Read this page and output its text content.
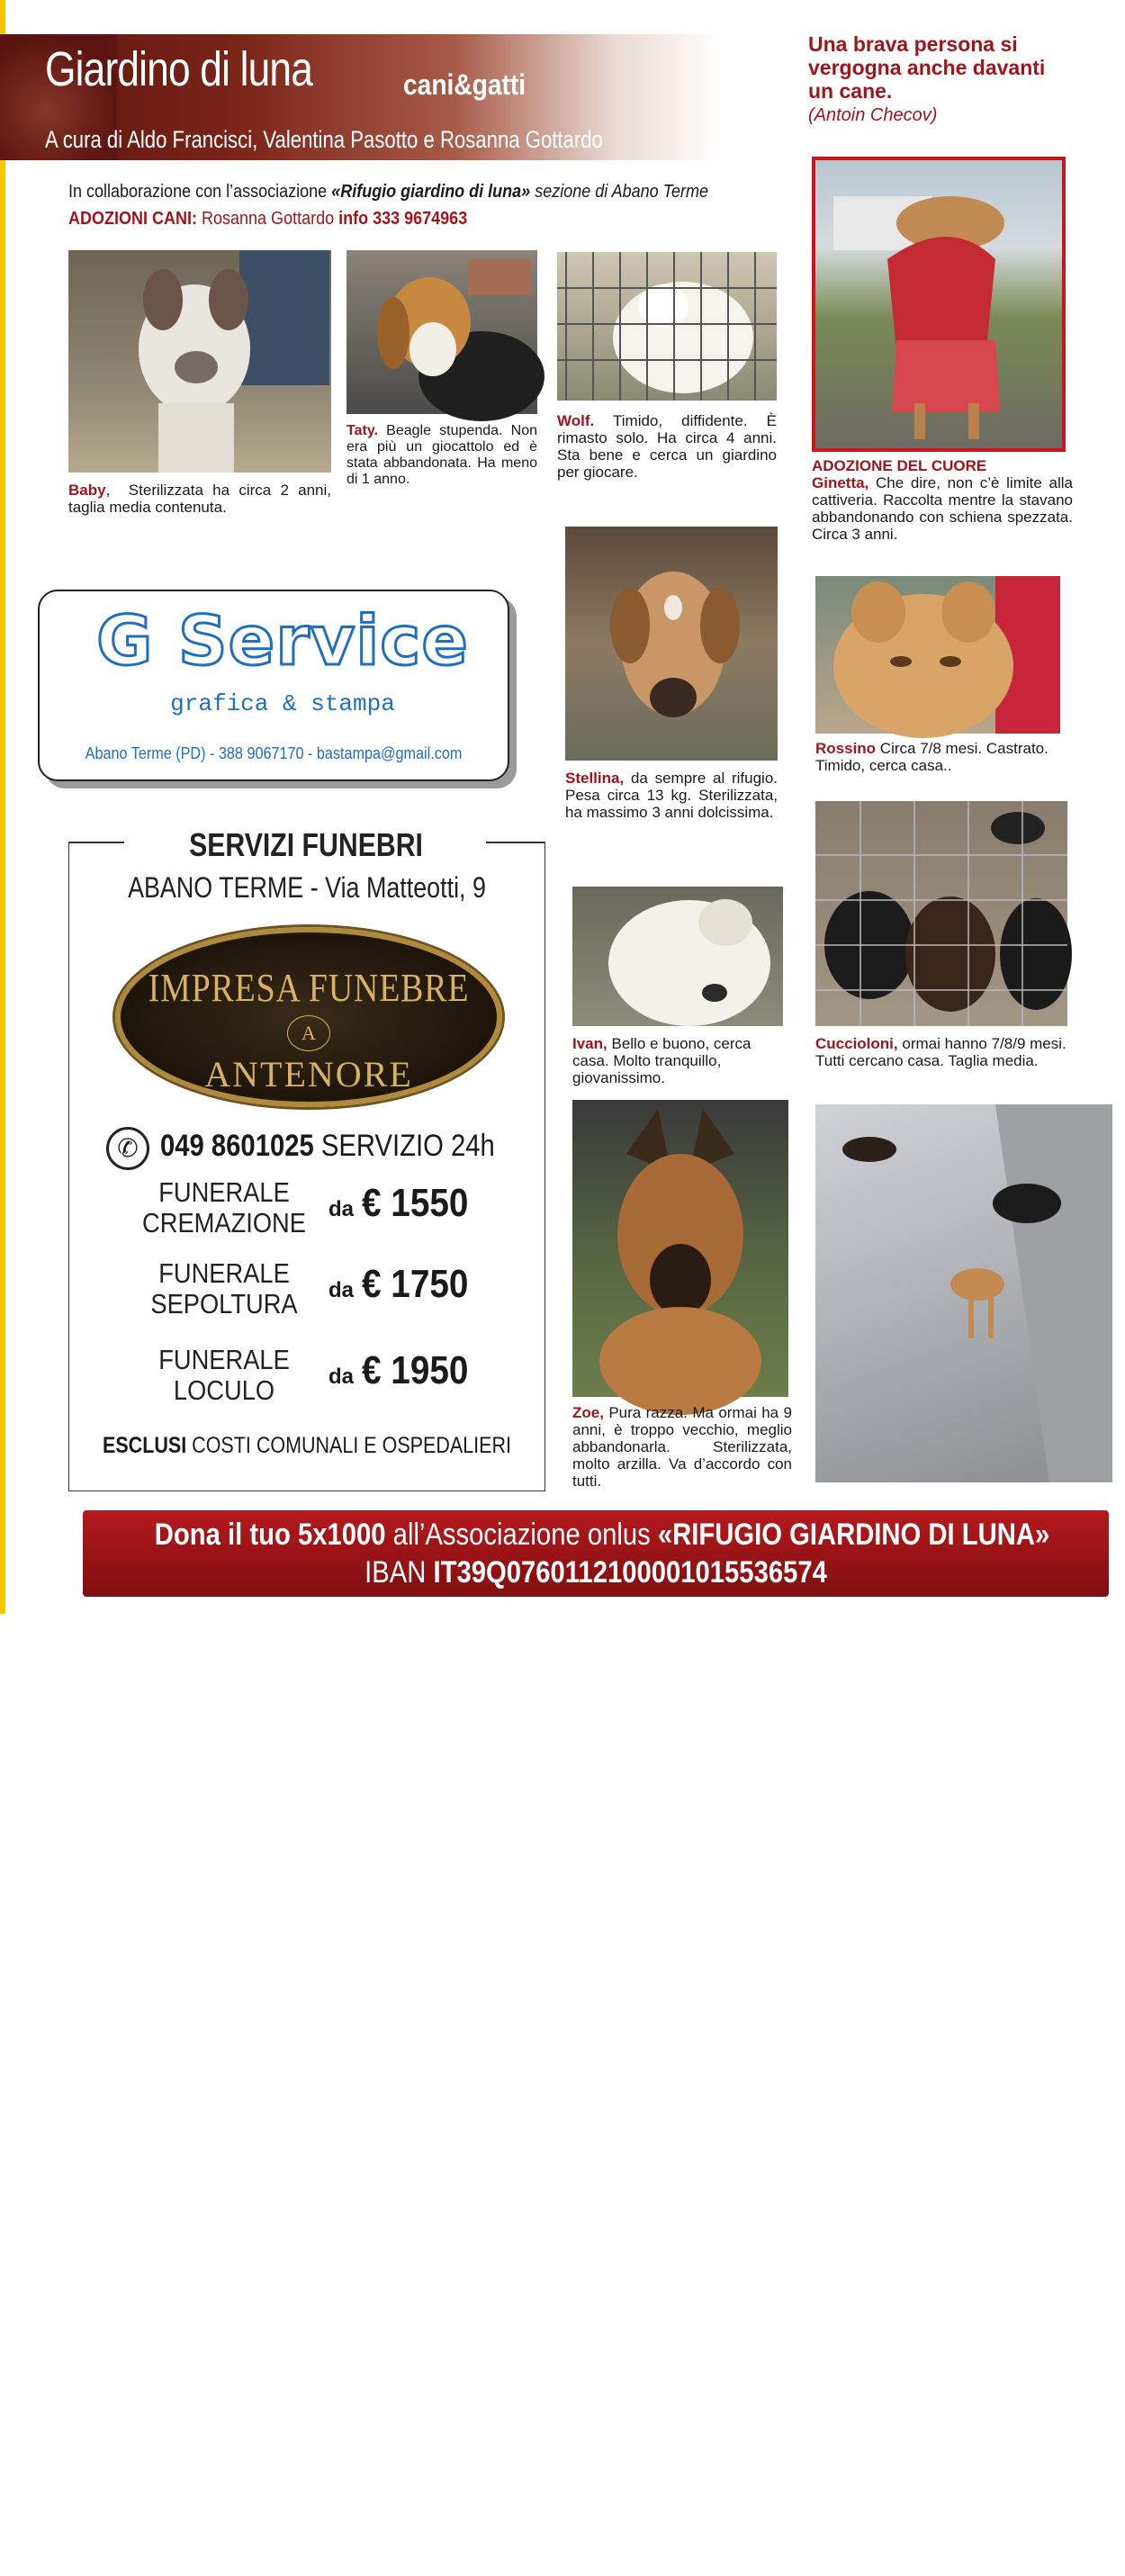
Giardino di luna	cani&gatti
A cura di Aldo Francisci, Valentina Pasotto e Rosanna Gottardo
Una brava persona si vergogna anche davanti un cane.
(Antoin Checov)
In collaborazione con l’associazione «Rifugio giardino di luna» sezione di Abano Terme
ADOZIONI CANI: Rosanna Gottardo info 333 9674963
Baby, Sterilizzata ha circa 2 anni, taglia media contenuta.
Taty. Beagle stupenda. Non era più un giocattolo ed è stata abbandonata. Ha meno di 1 anno.
Wolf. Timido, diffidente. È rimasto solo. Ha circa 4 anni. Sta bene e cerca un giardino per giocare.	ADOZIONE DEL CUORE
Ginetta, Che dire, non c’è limite alla cattiveria. Raccolta mentre la stavano abbandonando con schiena spezzata. Circa 3 anni.
Stellina, da sempre al rifugio. Pesa circa 13 kg. Sterilizzata, ha massimo 3 anni dolcissima.
Rossino Circa 7/8 mesi. Castrato. Timido, cerca casa..
Ivan, Bello e buono, cerca casa. Molto tranquillo, giovanissimo.
Cuccioloni, ormai hanno 7/8/9 mesi. Tutti cercano casa. Taglia media.
Zoe, Pura razza. Ma ormai ha 9 anni, è troppo vecchio, meglio abbandonarla. Sterilizzata, molto arzilla. Va d’accordo con tutti.
Cani abbandonati che vengono accuditi in strada. Giovani, belli e buoni. L’associazione li tiene controllati
G Service
grafica & stampa
Abano Terme (PD) - 388 9067170 - bastampa@gmail.com
SERVIZI FUNEBRI
ABANO TERME - Via Matteotti, 9
IMPRESA FUNEBRE
A
ANTENORE
✆ 049 8601025 SERVIZIO 24h
FUNERALE
CREMAZIONE da € 1550
FUNERALE
SEPOLTURA	da € 1750
FUNERALE
LOCULO	da € 1950
ESCLUSI COSTI COMUNALI E OSPEDALIERI
Dona il tuo 5x1000 all’Associazione onlus «RIFUGIO GIARDINO DI LUNA»
IBAN IT39Q0760112100001015536574
